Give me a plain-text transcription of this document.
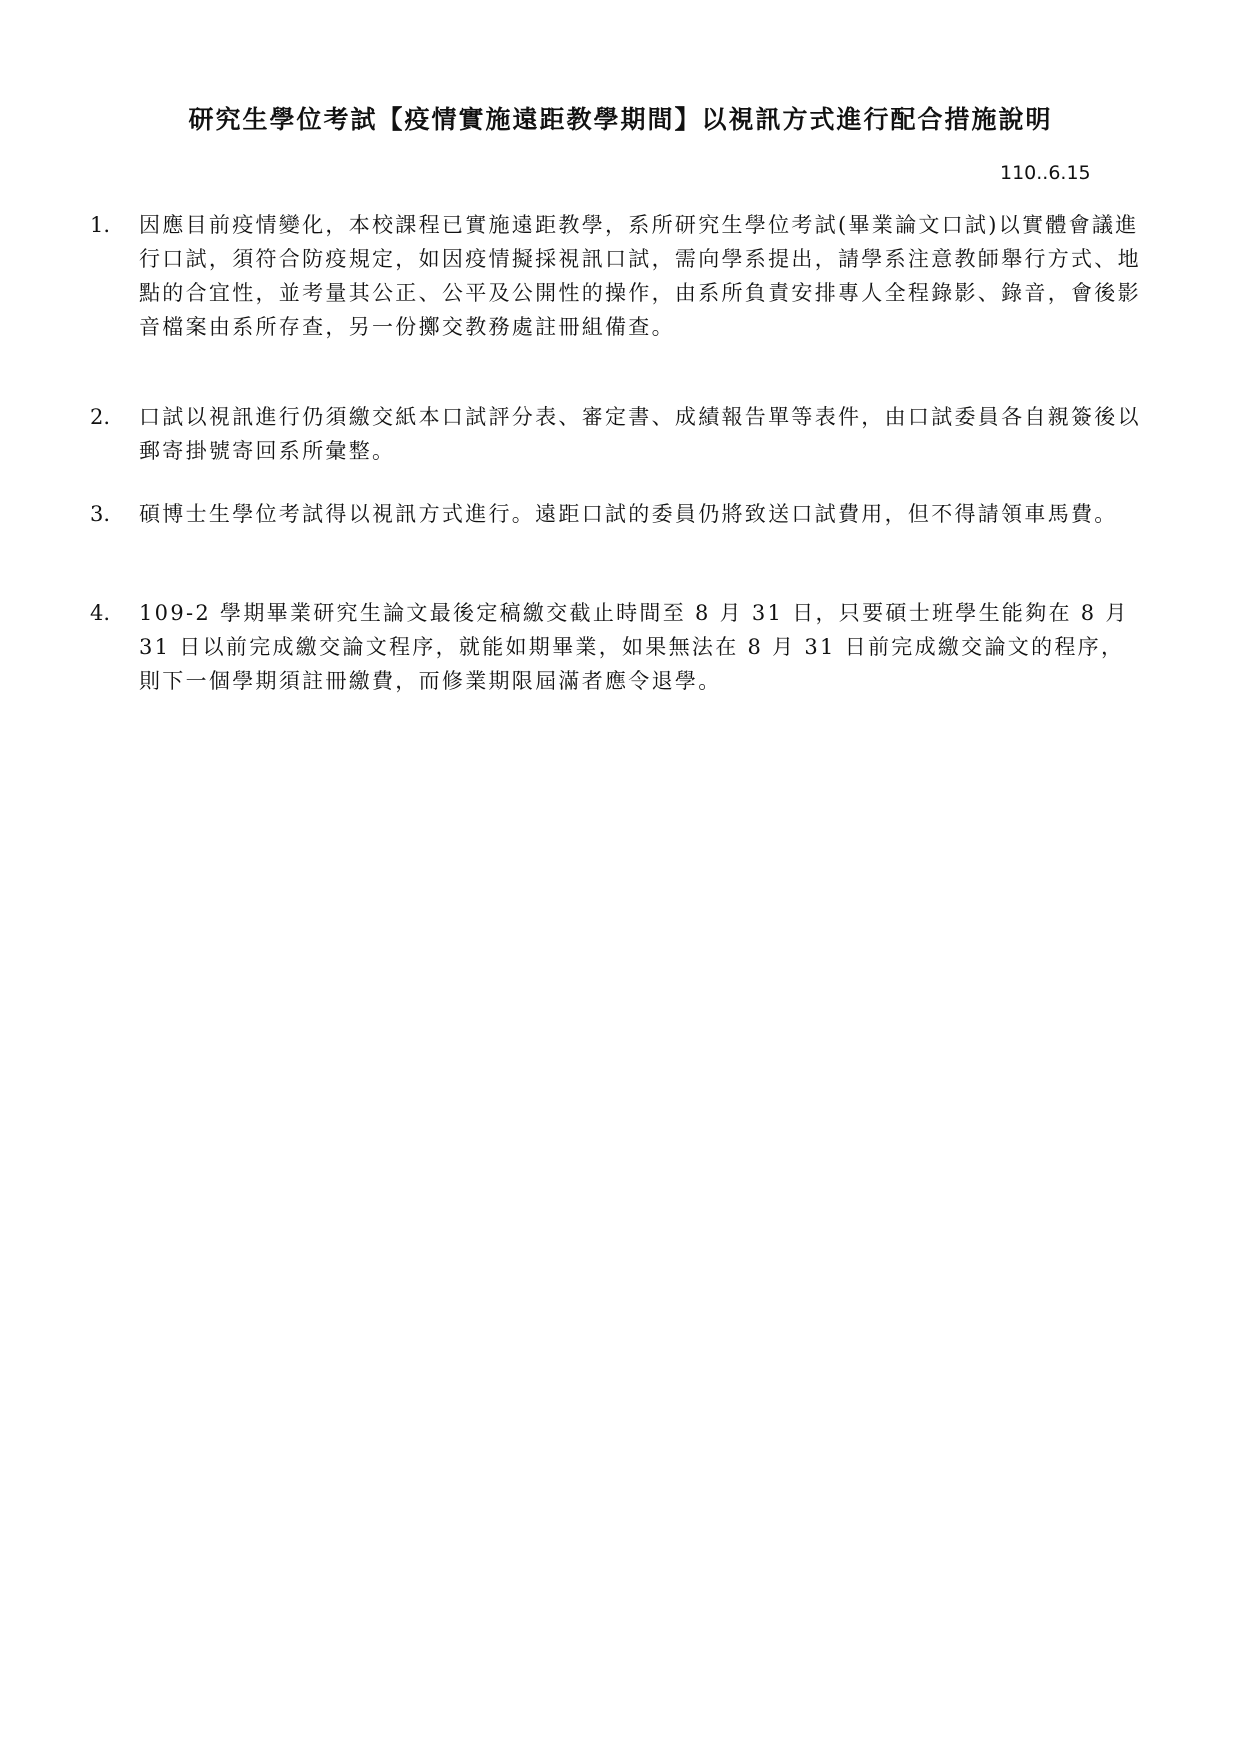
研究生學位考試【疫情實施遠距教學期間】以視訊方式進行配合措施說明
110..6.15
1.	因應目前疫情變化，本校課程已實施遠距教學，系所研究生學位考試(畢業論文口試)以實體會議進行口試，須符合防疫規定，如因疫情擬採視訊口試，需向學系提出，請學系注意教師舉行方式、地點的合宜性，並考量其公正、公平及公開性的操作，由系所負責安排專人全程錄影、錄音，會後影音檔案由系所存查，另一份擲交教務處註冊組備查。
2.	口試以視訊進行仍須繳交紙本口試評分表、審定書、成績報告單等表件，由口試委員各自親簽後以郵寄掛號寄回系所彙整。
3.	碩博士生學位考試得以視訊方式進行。遠距口試的委員仍將致送口試費用，但不得請領車馬費。
4.	109-2 學期畢業研究生論文最後定稿繳交截止時間至 8 月 31 日，只要碩士班學生能夠在 8 月 31 日以前完成繳交論文程序，就能如期畢業，如果無法在 8 月 31 日前完成繳交論文的程序，則下一個學期須註冊繳費，而修業期限屆滿者應令退學。
